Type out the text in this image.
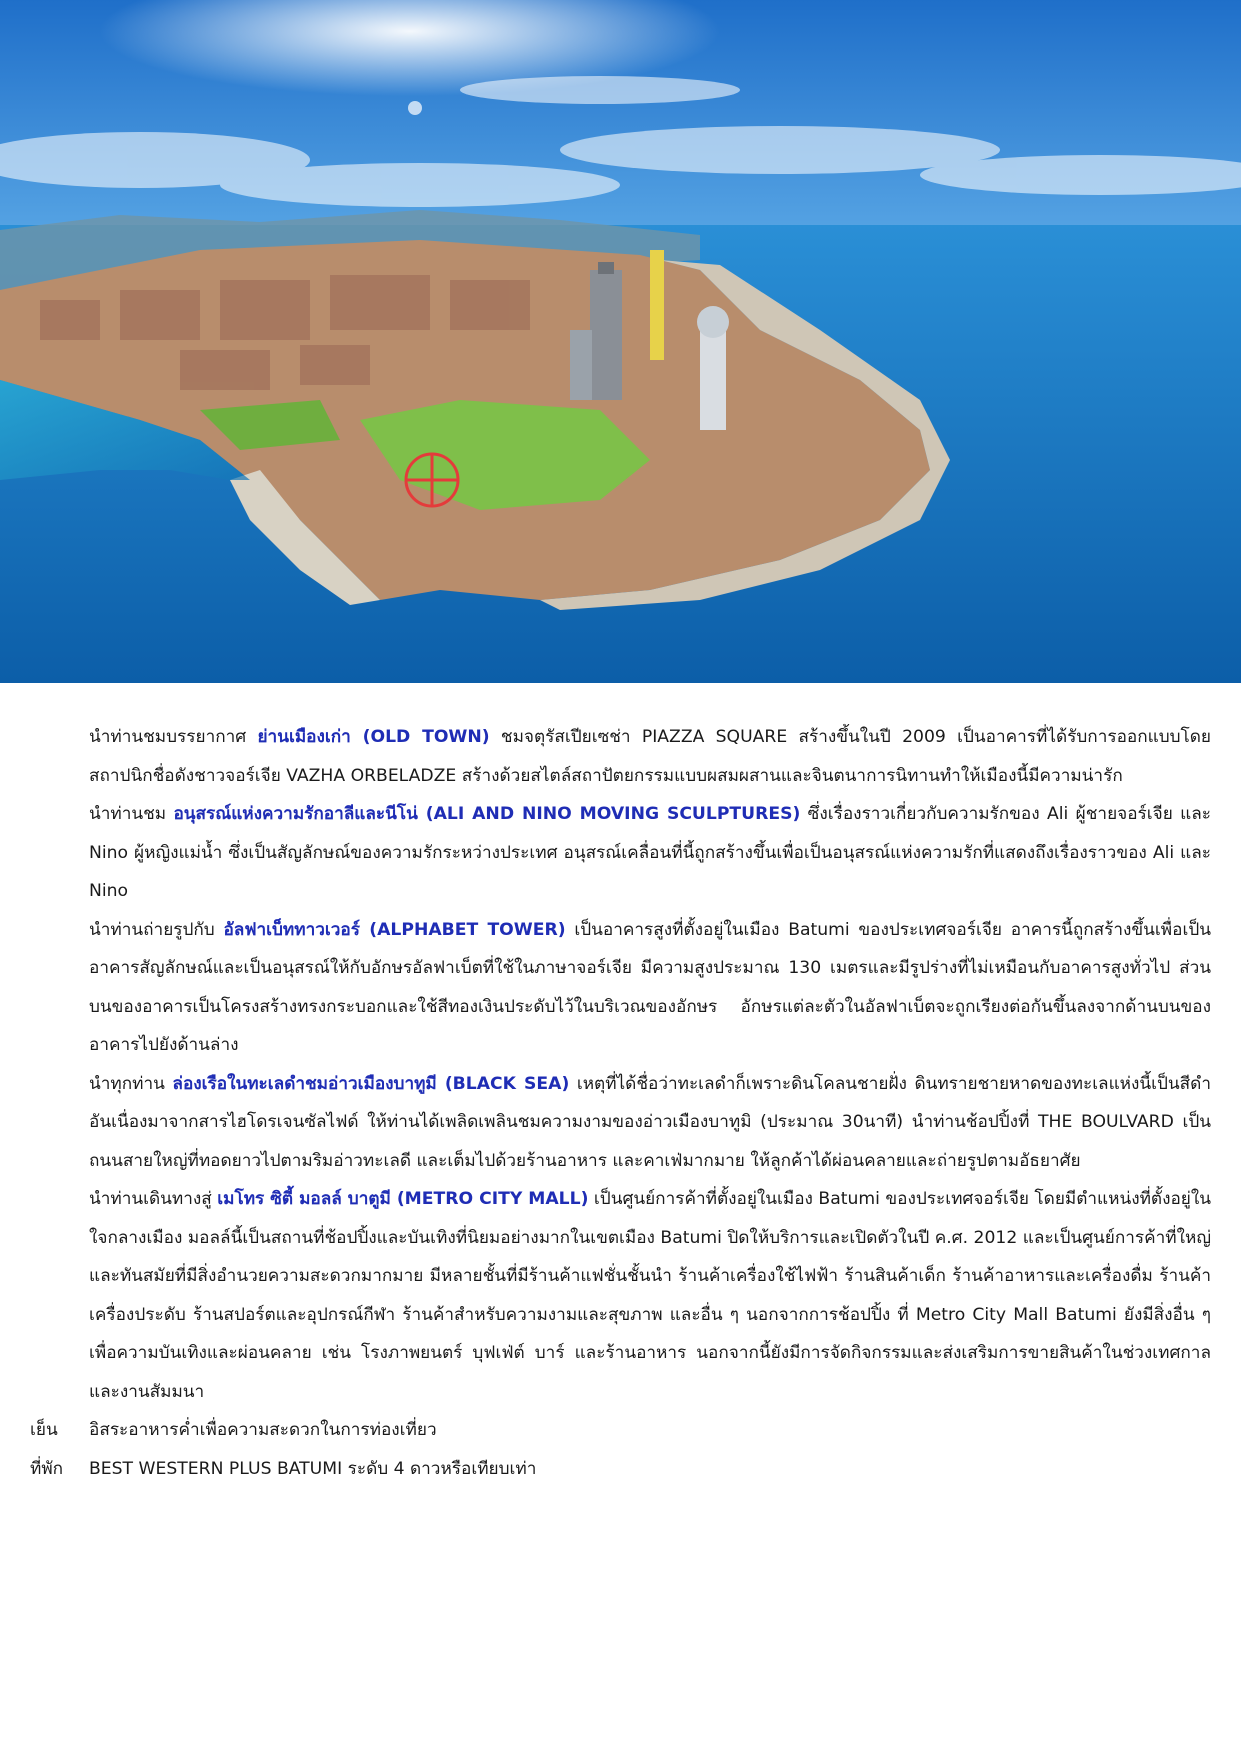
นำท่านชมบรรยากาศ ย่านเมืองเก่า (OLD TOWN) ชมจตุรัสเปียเซช่า PIAZZA SQUARE สร้างขึ้นในปี 2009 เป็นอาคารที่ได้รับการออกแบบโดยสถาปนิกชื่อดังชาวจอร์เจีย VAZHA ORBELADZE สร้างด้วยสไตล์สถาปัตยกรรมแบบผสมผสานและจินตนาการนิทานทำให้เมืองนี้มีความน่ารัก

นำท่านชม อนุสรณ์แห่งความรักอาลีและนีโน่ (ALI AND NINO MOVING SCULPTURES) ซึ่งเรื่องราวเกี่ยวกับความรักของ Ali ผู้ชายจอร์เจีย และ Nino ผู้หญิงแม่น้ำ ซึ่งเป็นสัญลักษณ์ของความรักระหว่างประเทศ อนุสรณ์เคลื่อนที่นี้ถูกสร้างขึ้นเพื่อเป็นอนุสรณ์แห่งความรักที่แสดงถึงเรื่องราวของ Ali และ Nino

นำท่านถ่ายรูปกับ อัลฟาเบ็ททาวเวอร์ (ALPHABET TOWER) เป็นอาคารสูงที่ตั้งอยู่ในเมือง Batumi ของประเทศจอร์เจีย อาคารนี้ถูกสร้างขึ้นเพื่อเป็นอาคารสัญลักษณ์และเป็นอนุสรณ์ให้กับอักษรอัลฟาเบ็ตที่ใช้ในภาษาจอร์เจีย มีความสูงประมาณ 130 เมตรและมีรูปร่างที่ไม่เหมือนกับอาคารสูงทั่วไป ส่วนบนของอาคารเป็นโครงสร้างทรงกระบอกและใช้สีทองเงินประดับไว้ในบริเวณของอักษร อักษรแต่ละตัวในอัลฟาเบ็ตจะถูกเรียงต่อกันขึ้นลงจากด้านบนของอาคารไปยังด้านล่าง

นำทุกท่าน ล่องเรือในทะเลดำชมอ่าวเมืองบาทูมี (BLACK SEA) เหตุที่ได้ชื่อว่าทะเลดำก็เพราะดินโคลนชายฝั่ง ดินทรายชายหาดของทะเลแห่งนี้เป็นสีดำ อันเนื่องมาจากสารไฮโดรเจนซัลไฟด์ ให้ท่านได้เพลิดเพลินชมความงามของอ่าวเมืองบาทูมิ (ประมาณ 30นาที) นำท่านช้อปปิ้งที่ THE BOULVARD เป็นถนนสายใหญ่ที่ทอดยาวไปตามริมอ่าวทะเลดี และเต็มไปด้วยร้านอาหาร และคาเฟ่มากมาย ให้ลูกค้าได้ผ่อนคลายและถ่ายรูปตามอัธยาศัย

นำท่านเดินทางสู่ เมโทร ซิตี้ มอลล์ บาตูมี (METRO CITY MALL) เป็นศูนย์การค้าที่ตั้งอยู่ในเมือง Batumi ของประเทศจอร์เจีย โดยมีตำแหน่งที่ตั้งอยู่ในใจกลางเมือง มอลล์นี้เป็นสถานที่ช้อปปิ้งและบันเทิงที่นิยมอย่างมากในเขตเมือง Batumi ปิดให้บริการและเปิดตัวในปี ค.ศ. 2012 และเป็นศูนย์การค้าที่ใหญ่และทันสมัยที่มีสิ่งอำนวยความสะดวกมากมาย มีหลายชั้นที่มีร้านค้าแฟชั่นชั้นนำ ร้านค้าเครื่องใช้ไฟฟ้า ร้านสินค้าเด็ก ร้านค้าอาหารและเครื่องดื่ม ร้านค้าเครื่องประดับ ร้านสปอร์ตและอุปกรณ์กีฬา ร้านค้าสำหรับความงามและสุขภาพ และอื่น ๆ นอกจากการช้อปปิ้ง ที่ Metro City Mall Batumi ยังมีสิ่งอื่น ๆ เพื่อความบันเทิงและผ่อนคลาย เช่น โรงภาพยนตร์ บุฟเฟ่ต์ บาร์ และร้านอาหาร นอกจากนี้ยังมีการจัดกิจกรรมและส่งเสริมการขายสินค้าในช่วงเทศกาลและงานสัมมนา

เย็น	อิสระอาหารค่ำเพื่อความสะดวกในการท่องเที่ยว
ที่พัก	BEST WESTERN PLUS BATUMI ระดับ 4 ดาวหรือเทียบเท่า
